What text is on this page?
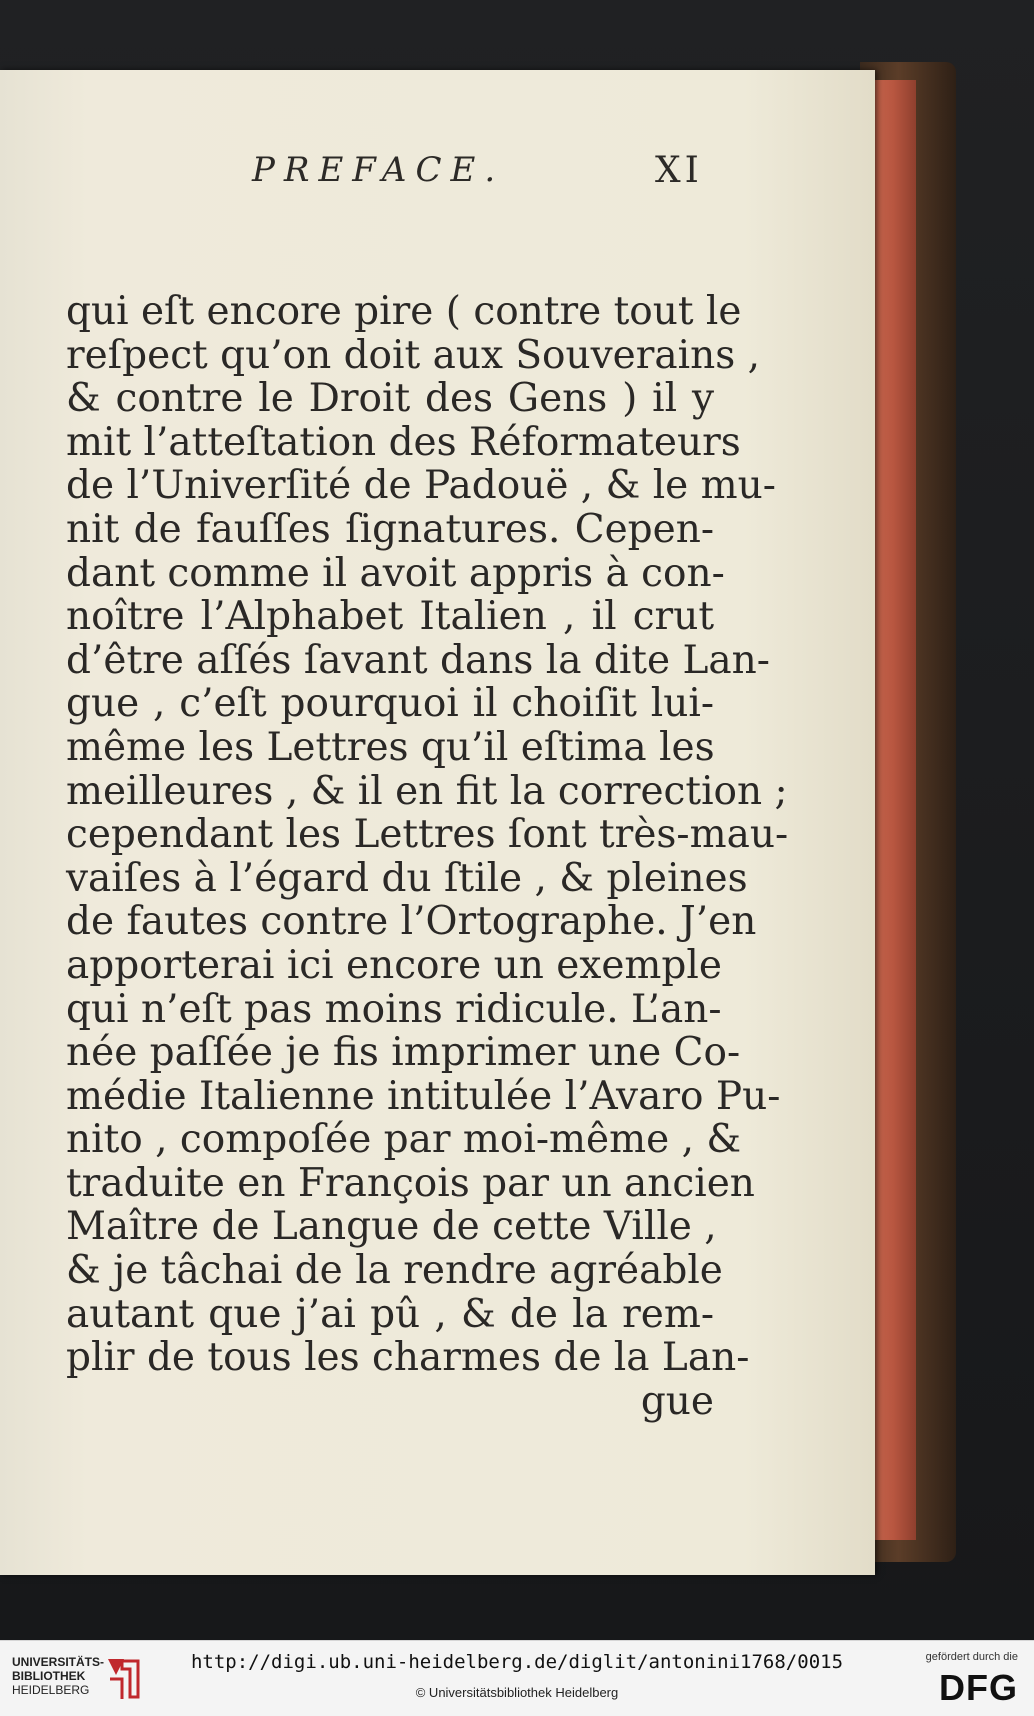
PREFACE.	XI
qui eſt encore pire ( contre tout le
reſpect qu’on doit aux Souverains ,
& contre le Droit des Gens ) il y
mit l’atteſtation des Réformateurs
de l’Univerſité de Padouë , & le mu-
nit de fauſſes ſignatures. Cepen-
dant comme il avoit appris à con-
noître l’Alphabet Italien , il crut
d’être aſſés ſavant dans la dite Lan-
gue , c’eſt pourquoi il choiſit lui-
même les Lettres qu’il eſtima les
meilleures , & il en fit la correction ;
cependant les Lettres ſont très-mau-
vaiſes à l’égard du ſtile , & pleines
de fautes contre l’Ortographe. J’en
apporterai ici encore un exemple
qui n’eſt pas moins ridicule. L’an-
née paſſée je fis imprimer une Co-
médie Italienne intitulée l’Avaro Pu-
nito , compoſée par moi-même , &
traduite en François par un ancien
Maître de Langue de cette Ville ,
& je tâchai de la rendre agréable
autant que j’ai pû , & de la rem-
plir de tous les charmes de la Lan-
gue
UNIVERSITÄTS-
BIBLIOTHEK
HEIDELBERG
http://digi.ub.uni-heidelberg.de/diglit/antonini1768/0015
© Universitätsbibliothek Heidelberg
gefördert durch die
DFG
